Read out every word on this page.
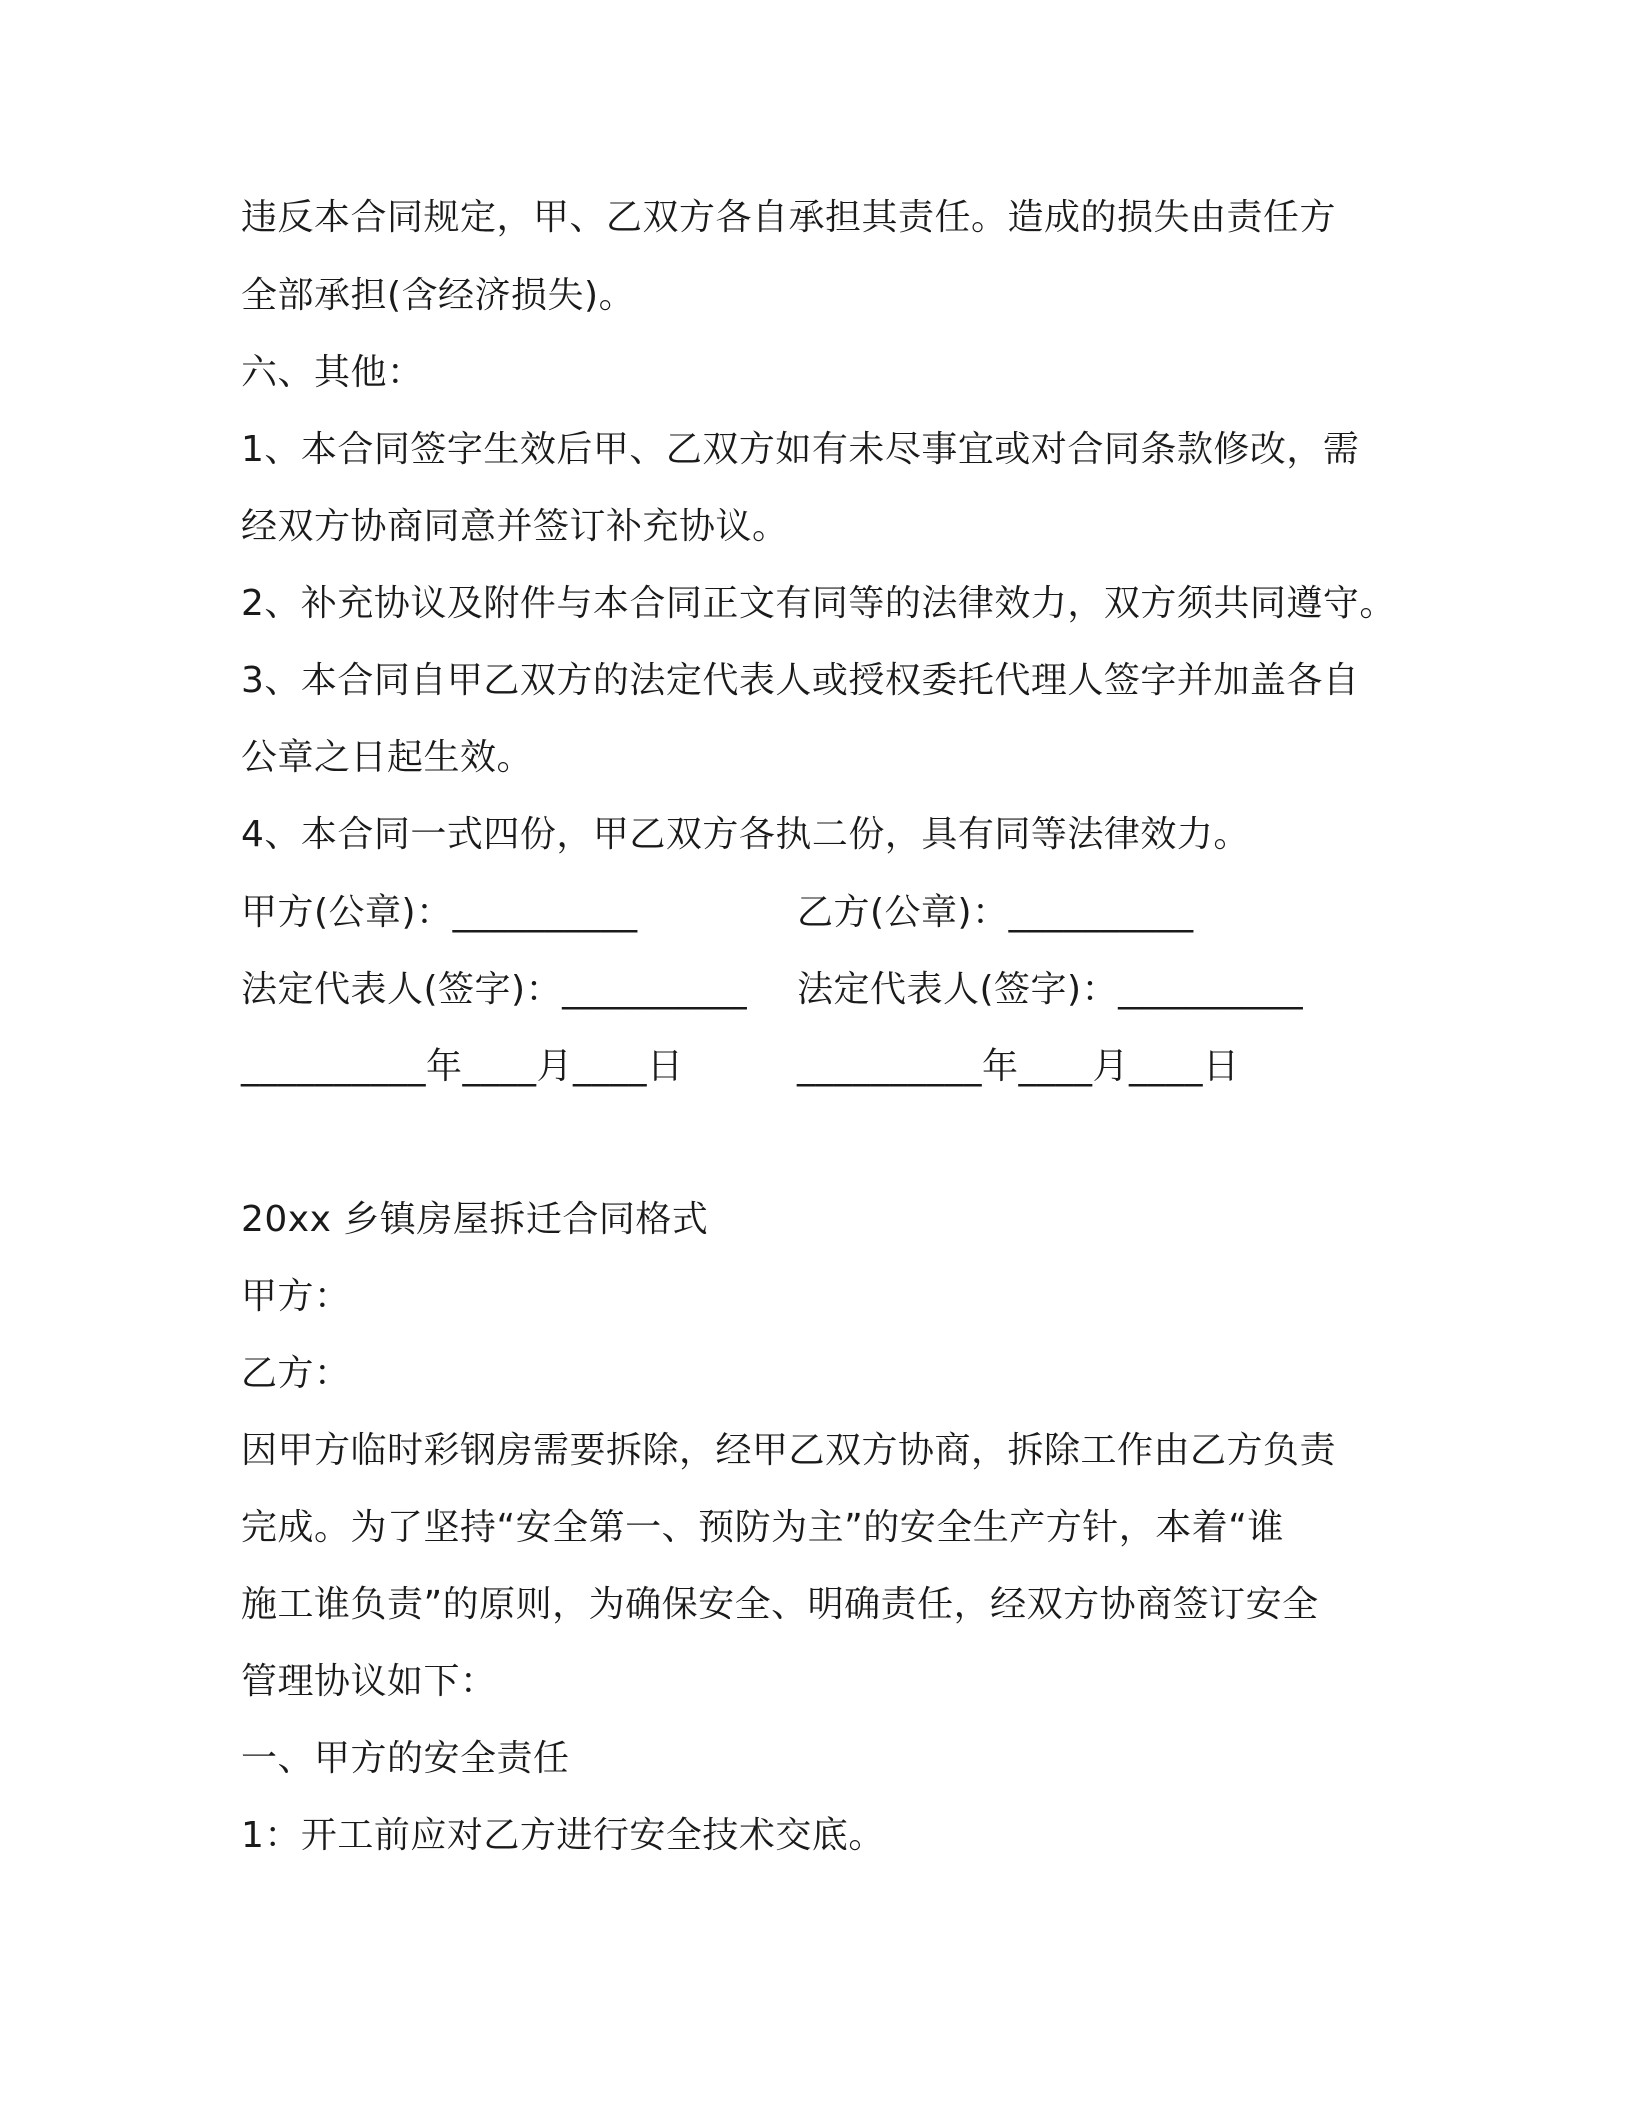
违反本合同规定，甲、乙双方各自承担其责任。造成的损失由责任方
全部承担(含经济损失)。
六、其他：
1、本合同签字生效后甲、乙双方如有未尽事宜或对合同条款修改，需
经双方协商同意并签订补充协议。
2、补充协议及附件与本合同正文有同等的法律效力，双方须共同遵守。
3、本合同自甲乙双方的法定代表人或授权委托代理人签字并加盖各自
公章之日起生效。
4、本合同一式四份，甲乙双方各执二份，具有同等法律效力。
甲方(公章)：__________	乙方(公章)：__________
法定代表人(签字)：__________ 法定代表人(签字)：__________
__________年____月____日	__________年____月____日
20xx 乡镇房屋拆迁合同格式
甲方：
乙方：
因甲方临时彩钢房需要拆除，经甲乙双方协商，拆除工作由乙方负责
完成。为了坚持“安全第一、预防为主”的安全生产方针，本着“谁
施工谁负责”的原则，为确保安全、明确责任，经双方协商签订安全
管理协议如下：
一、甲方的安全责任
1：开工前应对乙方进行安全技术交底。
